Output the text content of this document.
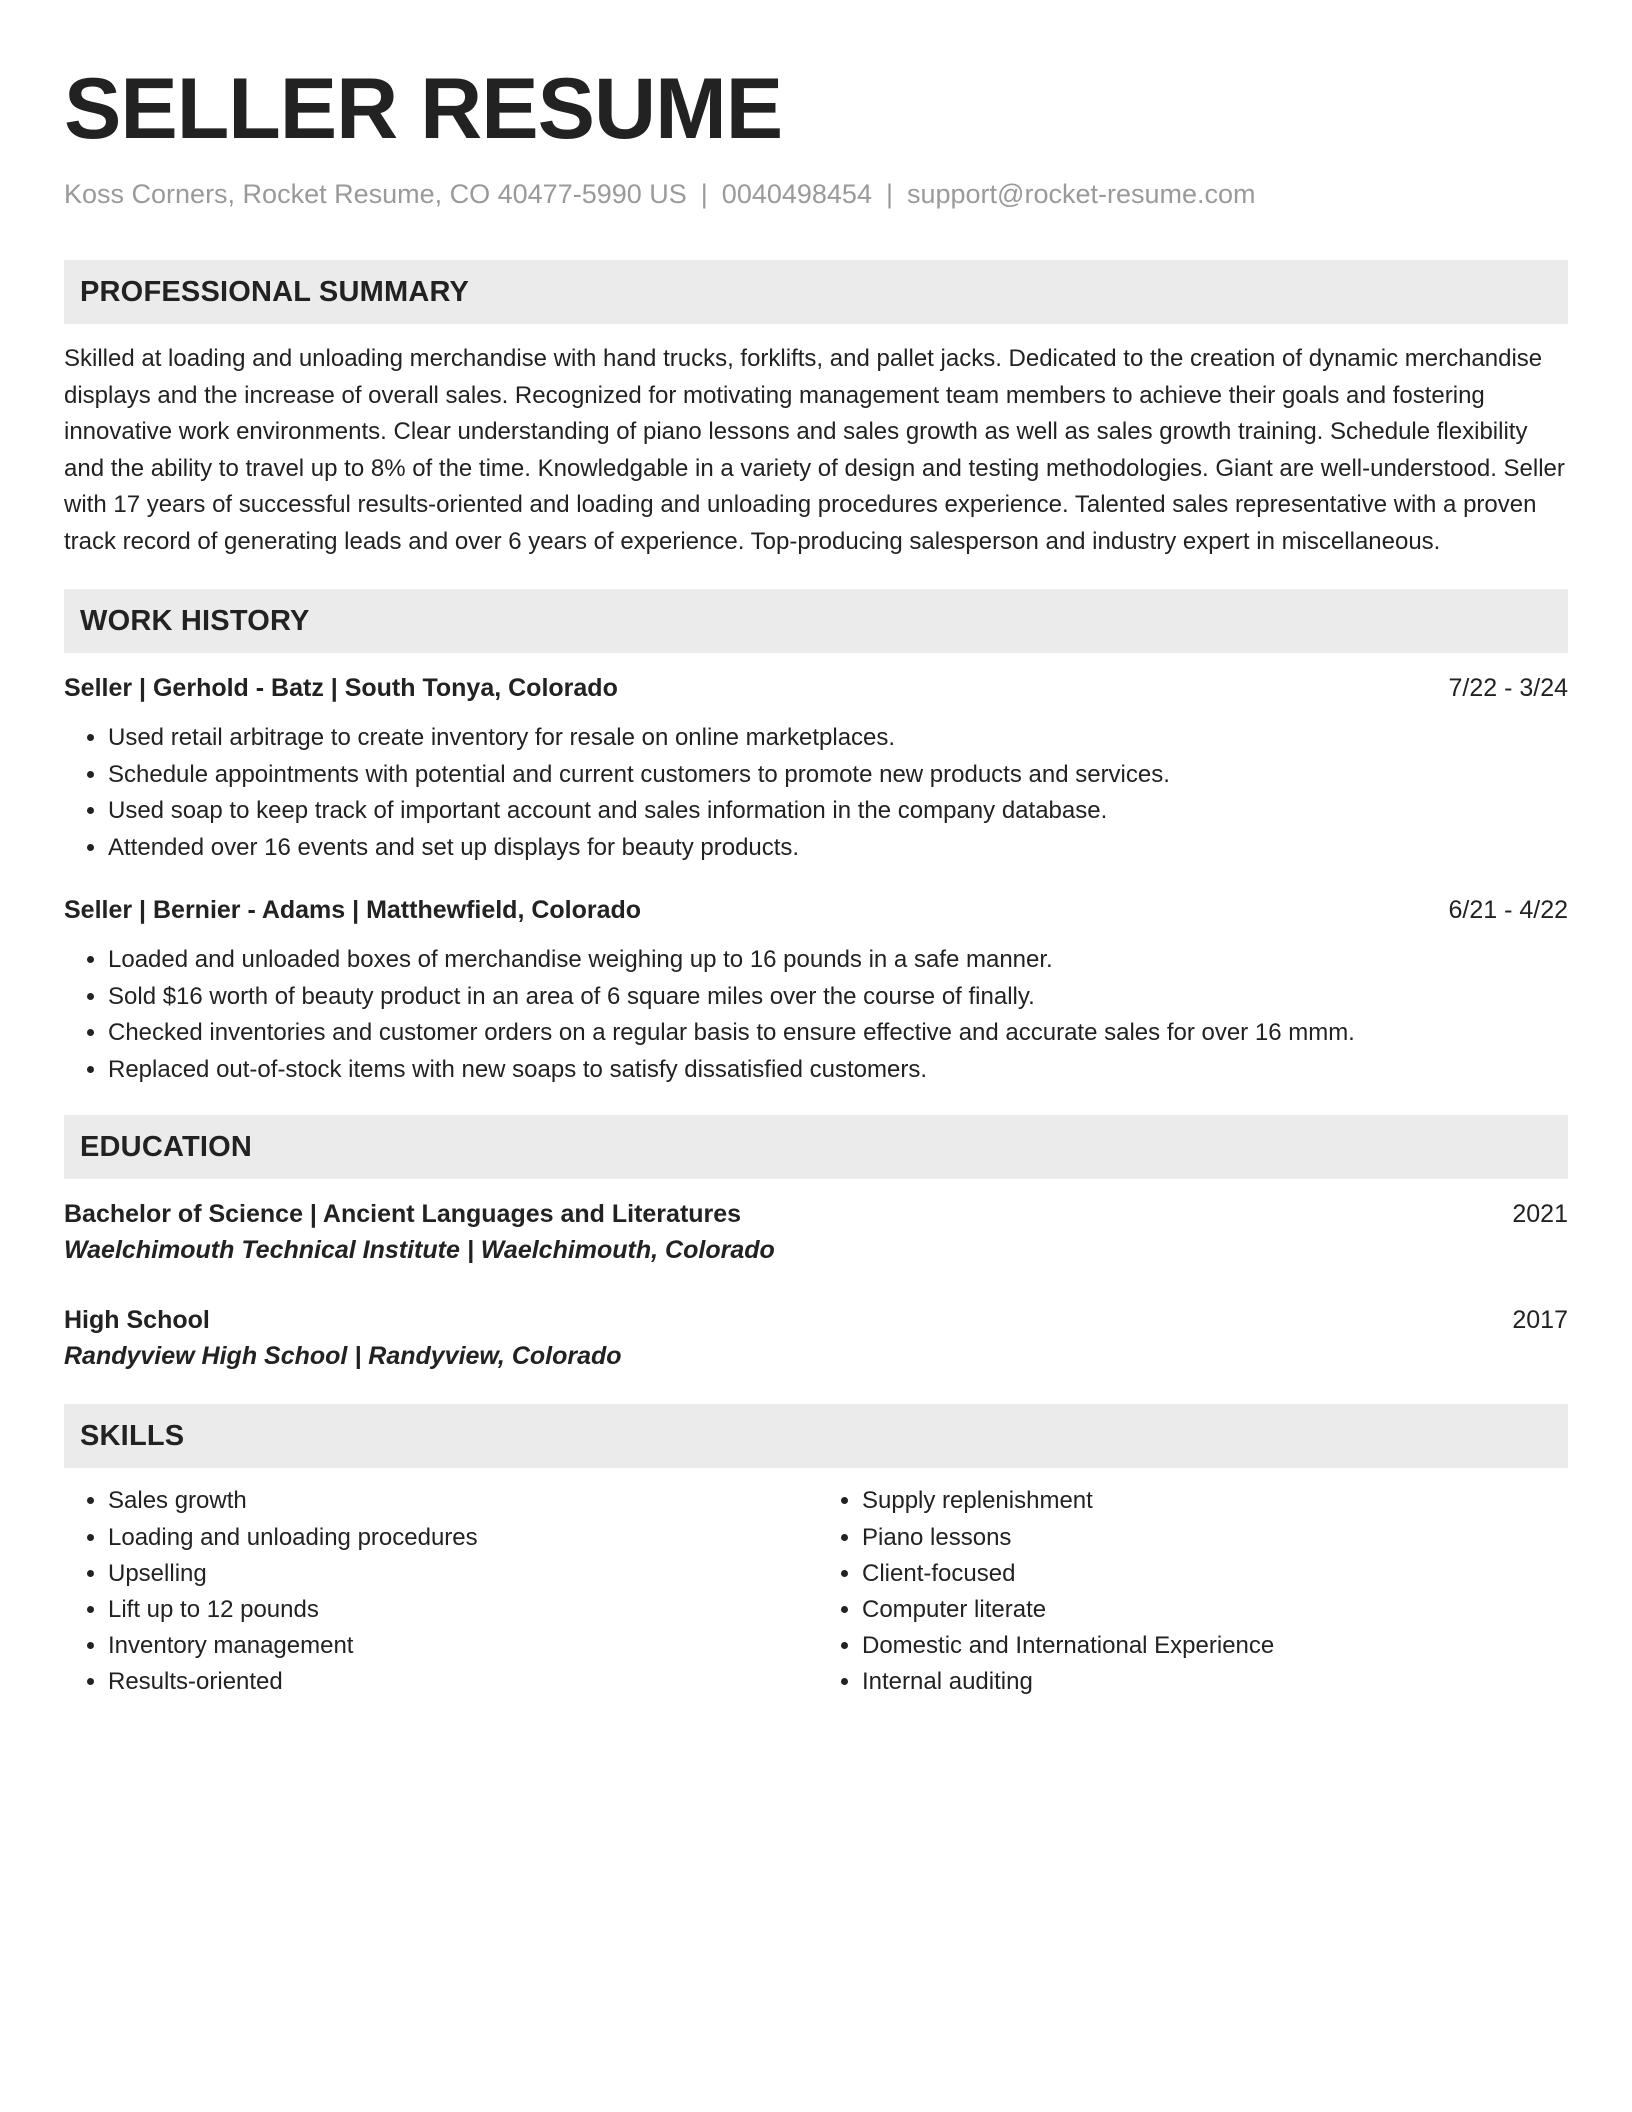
SELLER RESUME
Koss Corners, Rocket Resume, CO 40477-5990 US | 0040498454 | support@rocket-resume.com
PROFESSIONAL SUMMARY
Skilled at loading and unloading merchandise with hand trucks, forklifts, and pallet jacks. Dedicated to the creation of dynamic merchandise displays and the increase of overall sales. Recognized for motivating management team members to achieve their goals and fostering innovative work environments. Clear understanding of piano lessons and sales growth as well as sales growth training. Schedule flexibility and the ability to travel up to 8% of the time. Knowledgable in a variety of design and testing methodologies. Giant are well-understood. Seller with 17 years of successful results-oriented and loading and unloading procedures experience. Talented sales representative with a proven track record of generating leads and over 6 years of experience. Top-producing salesperson and industry expert in miscellaneous.
WORK HISTORY
Seller | Gerhold - Batz | South Tonya, Colorado	7/22 - 3/24
• Used retail arbitrage to create inventory for resale on online marketplaces.
• Schedule appointments with potential and current customers to promote new products and services.
• Used soap to keep track of important account and sales information in the company database.
• Attended over 16 events and set up displays for beauty products.
Seller | Bernier - Adams | Matthewfield, Colorado	6/21 - 4/22
• Loaded and unloaded boxes of merchandise weighing up to 16 pounds in a safe manner.
• Sold $16 worth of beauty product in an area of 6 square miles over the course of finally.
• Checked inventories and customer orders on a regular basis to ensure effective and accurate sales for over 16 mmm.
• Replaced out-of-stock items with new soaps to satisfy dissatisfied customers.
EDUCATION
Bachelor of Science | Ancient Languages and Literatures	2021
Waelchimouth Technical Institute | Waelchimouth, Colorado
High School	2017
Randyview High School | Randyview, Colorado
SKILLS
• Sales growth
• Loading and unloading procedures
• Upselling
• Lift up to 12 pounds
• Inventory management
• Results-oriented
• Supply replenishment
• Piano lessons
• Client-focused
• Computer literate
• Domestic and International Experience
• Internal auditing
